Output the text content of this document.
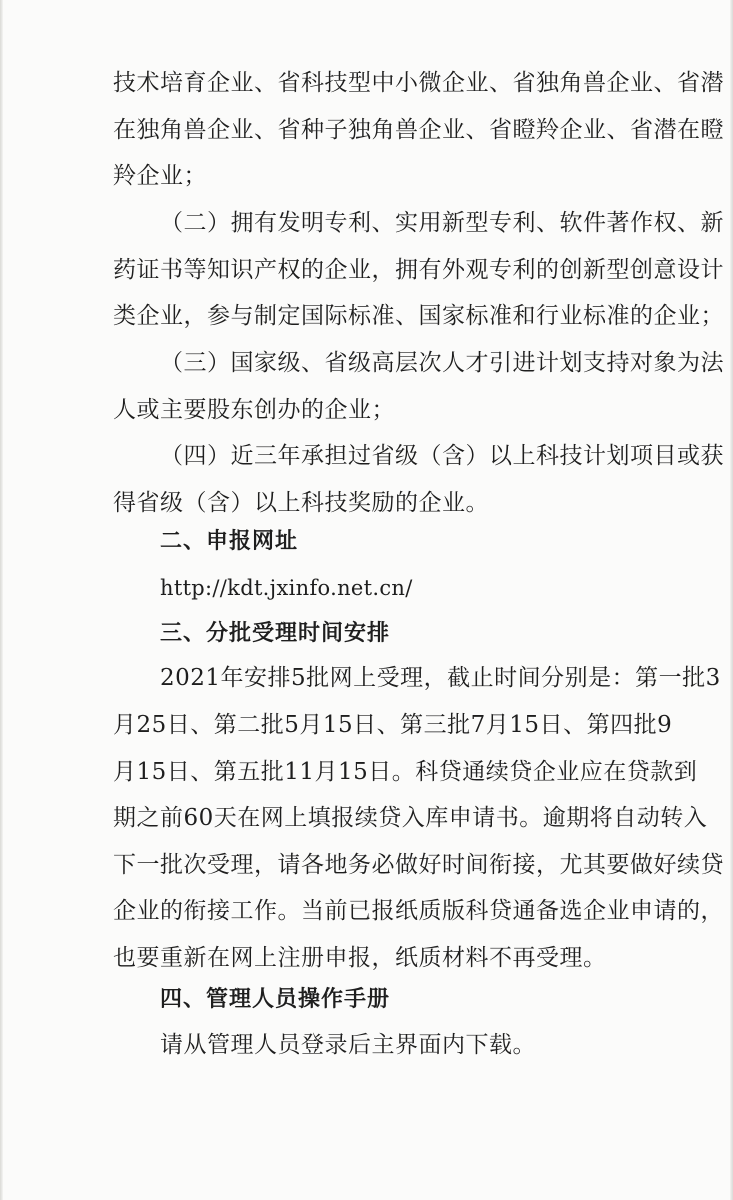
技术培育企业、省科技型中小微企业、省独角兽企业、省潜
在独角兽企业、省种子独角兽企业、省瞪羚企业、省潜在瞪
羚企业；
（二）拥有发明专利、实用新型专利、软件著作权、新
药证书等知识产权的企业，拥有外观专利的创新型创意设计
类企业，参与制定国际标准、国家标准和行业标准的企业；
（三）国家级、省级高层次人才引进计划支持对象为法
人或主要股东创办的企业；
（四）近三年承担过省级（含）以上科技计划项目或获
得省级（含）以上科技奖励的企业。
二、申报网址
http://kdt.jxinfo.net.cn/
三、分批受理时间安排
2021年安排5批网上受理，截止时间分别是：第一批3
月25日、第二批5月15日、第三批7月15日、第四批9
月15日、第五批11月15日。科贷通续贷企业应在贷款到
期之前60天在网上填报续贷入库申请书。逾期将自动转入
下一批次受理，请各地务必做好时间衔接，尤其要做好续贷
企业的衔接工作。当前已报纸质版科贷通备选企业申请的，
也要重新在网上注册申报，纸质材料不再受理。
四、管理人员操作手册
请从管理人员登录后主界面内下载。
